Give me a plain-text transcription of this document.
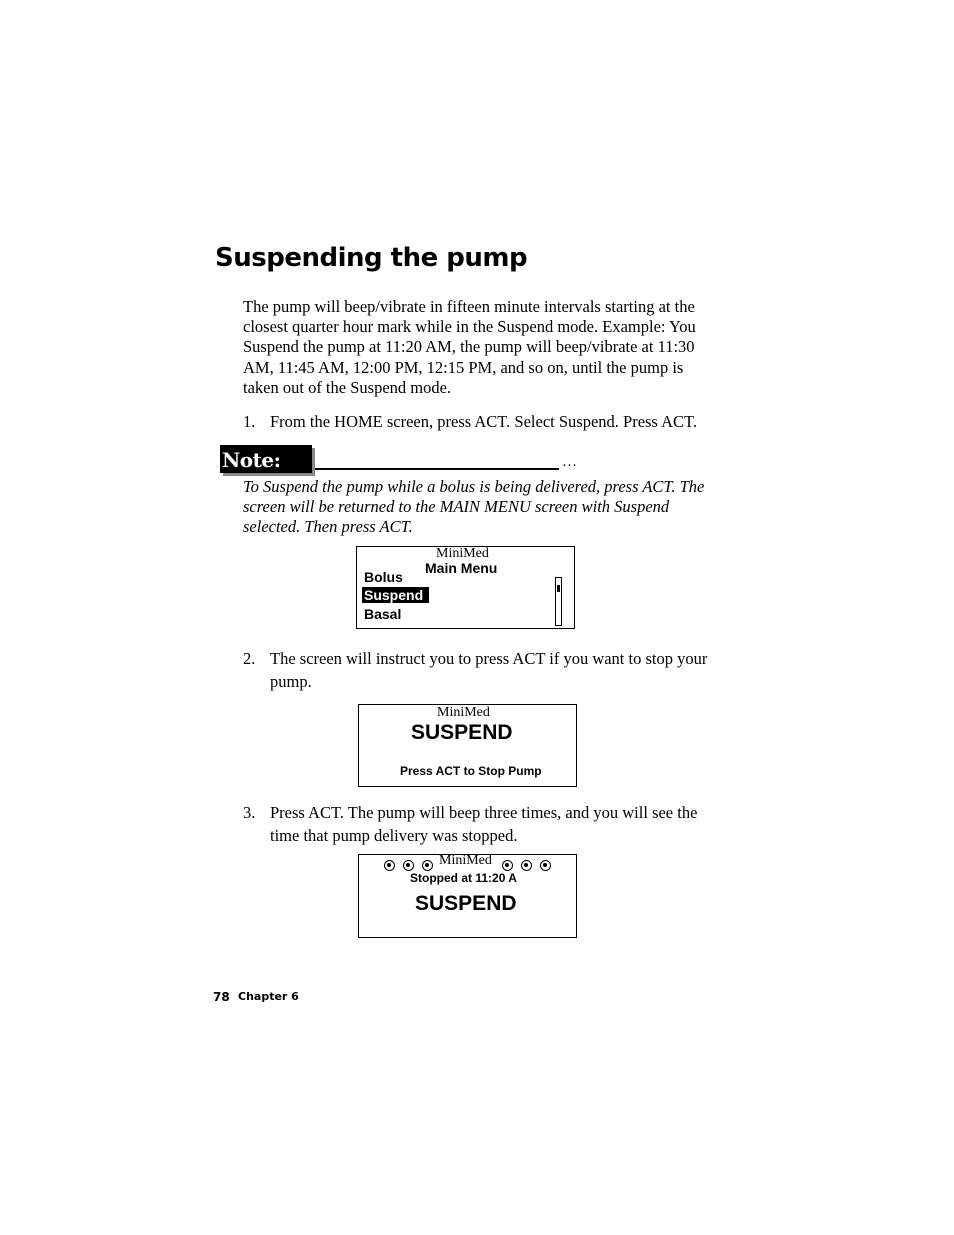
Suspending the pump

The pump will beep/vibrate in fifteen minute intervals starting at the closest quarter hour mark while in the Suspend mode. Example: You Suspend the pump at 11:20 AM, the pump will beep/vibrate at 11:30 AM, 11:45 AM, 12:00 PM, 12:15 PM, and so on, until the pump is taken out of the Suspend mode.

1. From the HOME screen, press ACT. Select Suspend. Press ACT.
Note:	…

To Suspend the pump while a bolus is being delivered, press ACT. The screen will be returned to the MAIN MENU screen with Suspend selected. Then press ACT.

MiniMed
Main Menu
Bolus
Suspend
Basal
2. The screen will instruct you to press ACT if you want to stop your pump.
MiniMed
SUSPEND
Press ACT to Stop Pump
3. Press ACT. The pump will beep three times, and you will see the time that pump delivery was stopped.
MiniMed
Stopped at 11:20 A
SUSPEND
78 Chapter 6
